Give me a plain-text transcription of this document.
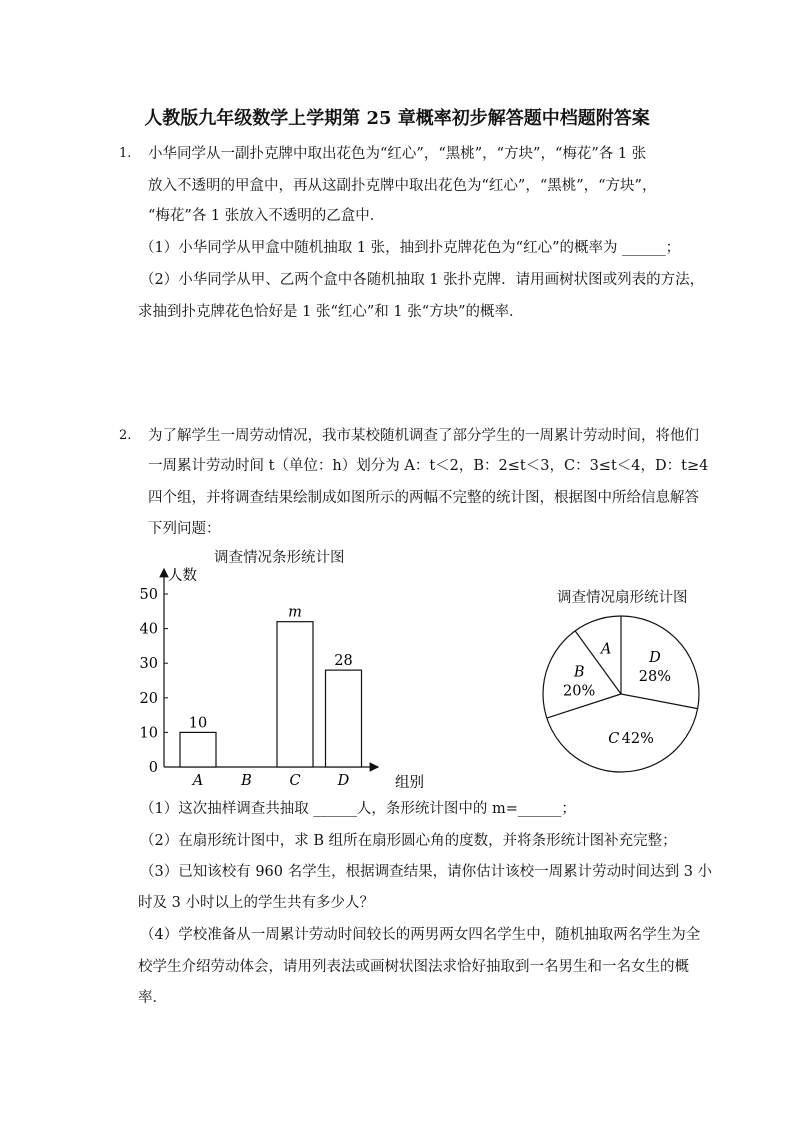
人教版九年级数学上学期第 25 章概率初步解答题中档题附答案
1. 小华同学从一副扑克牌中取出花色为“红心”，“黑桃”，“方块”，“梅花”各 1 张
放入不透明的甲盒中，再从这副扑克牌中取出花色为“红心”，“黑桃”，“方块”，
“梅花”各 1 张放入不透明的乙盒中．
（1）小华同学从甲盒中随机抽取 1 张，抽到扑克牌花色为“红心”的概率为 ______；
（2）小华同学从甲、乙两个盒中各随机抽取 1 张扑克牌．请用画树状图或列表的方法，
求抽到扑克牌花色恰好是 1 张“红心”和 1 张“方块”的概率．
2. 为了解学生一周劳动情况，我市某校随机调查了部分学生的一周累计劳动时间，将他们
一周累计劳动时间 t（单位：h）划分为 A：t＜2，B：2≤t＜3，C：3≤t＜4，D：t≥4
四个组，并将调查结果绘制成如图所示的两幅不完整的统计图，根据图中所给信息解答
下列问题：
调查情况条形统计图
人数
组别
0
10
20
30
40
50
10
A	B
m
C
28
D
调查情况扇形统计图
A
D
28%
C 42%
B
20%
（1）这次抽样调查共抽取 ______人，条形统计图中的 m=______；
（2）在扇形统计图中，求 B 组所在扇形圆心角的度数，并将条形统计图补充完整；
（3）已知该校有 960 名学生，根据调查结果，请你估计该校一周累计劳动时间达到 3 小
时及 3 小时以上的学生共有多少人？
（4）学校准备从一周累计劳动时间较长的两男两女四名学生中，随机抽取两名学生为全
校学生介绍劳动体会，请用列表法或画树状图法求恰好抽取到一名男生和一名女生的概
率．
